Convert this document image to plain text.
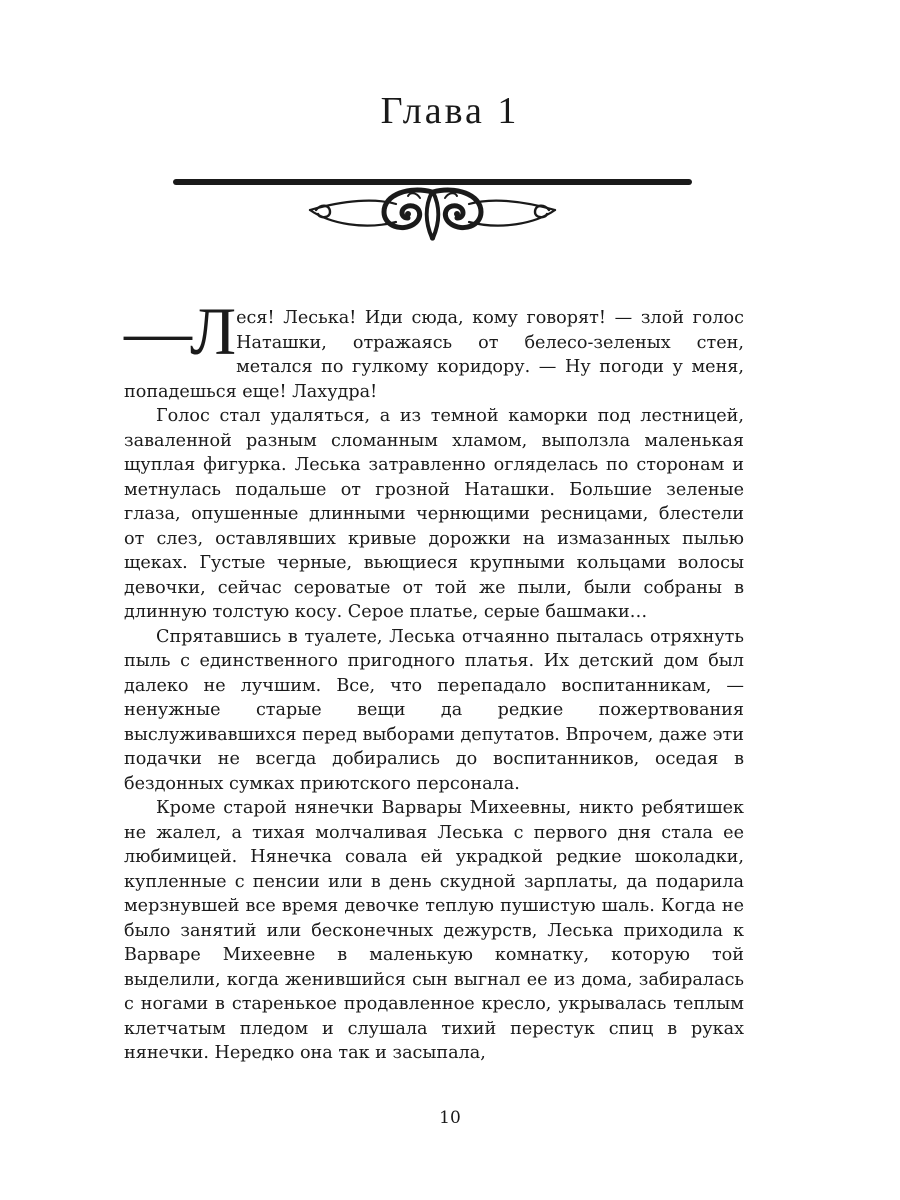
Глава 1

—Л еся! Леська! Иди сюда, кому говорят! — злой голос Наташки, отражаясь от белесо-зеленых стен, метался по гулкому коридору. — Ну погоди у меня, попадешься еще! Лахудра!

Голос стал удаляться, а из темной каморки под лестницей, заваленной разным сломанным хламом, выползла маленькая щуплая фигурка. Леська затравленно огляделась по сторонам и метнулась подальше от грозной Наташки. Большие зеленые глаза, опушенные длинными чернющими ресницами, блестели от слез, оставлявших кривые дорожки на измазанных пылью щеках. Густые черные, вьющиеся крупными кольцами волосы девочки, сейчас сероватые от той же пыли, были собраны в длинную толстую косу. Серое платье, серые башмаки…

Спрятавшись в туалете, Леська отчаянно пыталась отряхнуть пыль с единственного пригодного платья. Их детский дом был далеко не лучшим. Все, что перепадало воспитанникам, — ненужные старые вещи да редкие пожертвования выслуживавшихся перед выборами депутатов. Впрочем, даже эти подачки не всегда добирались до воспитанников, оседая в бездонных сумках приютского персонала.

Кроме старой нянечки Варвары Михеевны, никто ребятишек не жалел, а тихая молчаливая Леська с первого дня стала ее любимицей. Нянечка совала ей украдкой редкие шоколадки, купленные с пенсии или в день скудной зарплаты, да подарила мерзнувшей все время девочке теплую пушистую шаль. Когда не было занятий или бесконечных дежурств, Леська приходила к Варваре Михеевне в маленькую комнатку, которую той выделили, когда женившийся сын выгнал ее из дома, забиралась с ногами в старенькое продавленное кресло, укрывалась теплым клетчатым пледом и слушала тихий перестук спиц в руках нянечки. Нередко она так и засыпала,

10
